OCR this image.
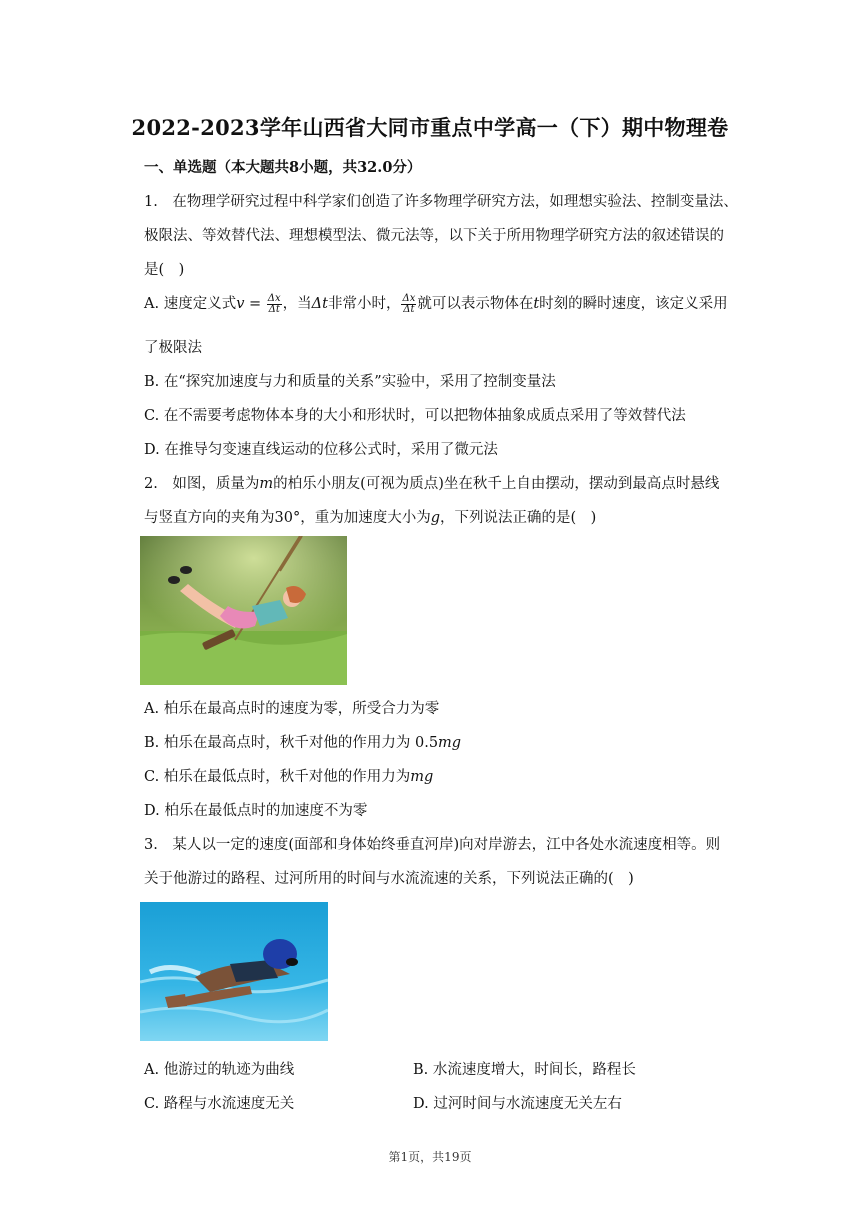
2022-2023学年山西省大同市重点中学高一（下）期中物理卷
一、单选题（本大题共8小题，共32.0分）
1.　在物理学研究过程中科学家们创造了许多物理学研究方法，如理想实验法、控制变量法、
极限法、等效替代法、理想模型法、微元法等，以下关于所用物理学研究方法的叙述错误的
是(　)
A. 速度定义式$v = \frac{\Delta x}{\Delta t}$ ，当Δt非常小时， $\frac{\Delta x}{\Delta t}$ 就可以表示物体在t时刻的瞬时速度，该定义采用
了极限法
B. 在“探究加速度与力和质量的关系”实验中，采用了控制变量法
C. 在不需要考虑物体本身的大小和形状时，可以把物体抽象成质点采用了等效替代法
D. 在推导匀变速直线运动的位移公式时，采用了微元法
2.　如图，质量为m的柏乐小朋友(可视为质点)坐在秋千上自由摆动，摆动到最高点时悬线
与竖直方向的夹角为30°，重为加速度大小为g，下列说法正确的是(　)
A. 柏乐在最高点时的速度为零，所受合力为零
B. 柏乐在最高点时，秋千对他的作用力为 0.5mg
C. 柏乐在最低点时，秋千对他的作用力为mg
D. 柏乐在最低点时的加速度不为零
3.　某人以一定的速度(面部和身体始终垂直河岸)向对岸游去，江中各处水流速度相等。则
关于他游过的路程、过河所用的时间与水流流速的关系，下列说法正确的(　)
A. 他游过的轨迹为曲线	B. 水流速度增大，时间长，路程长
C. 路程与水流速度无关	D. 过河时间与水流速度无关左右
第1页，共19页
